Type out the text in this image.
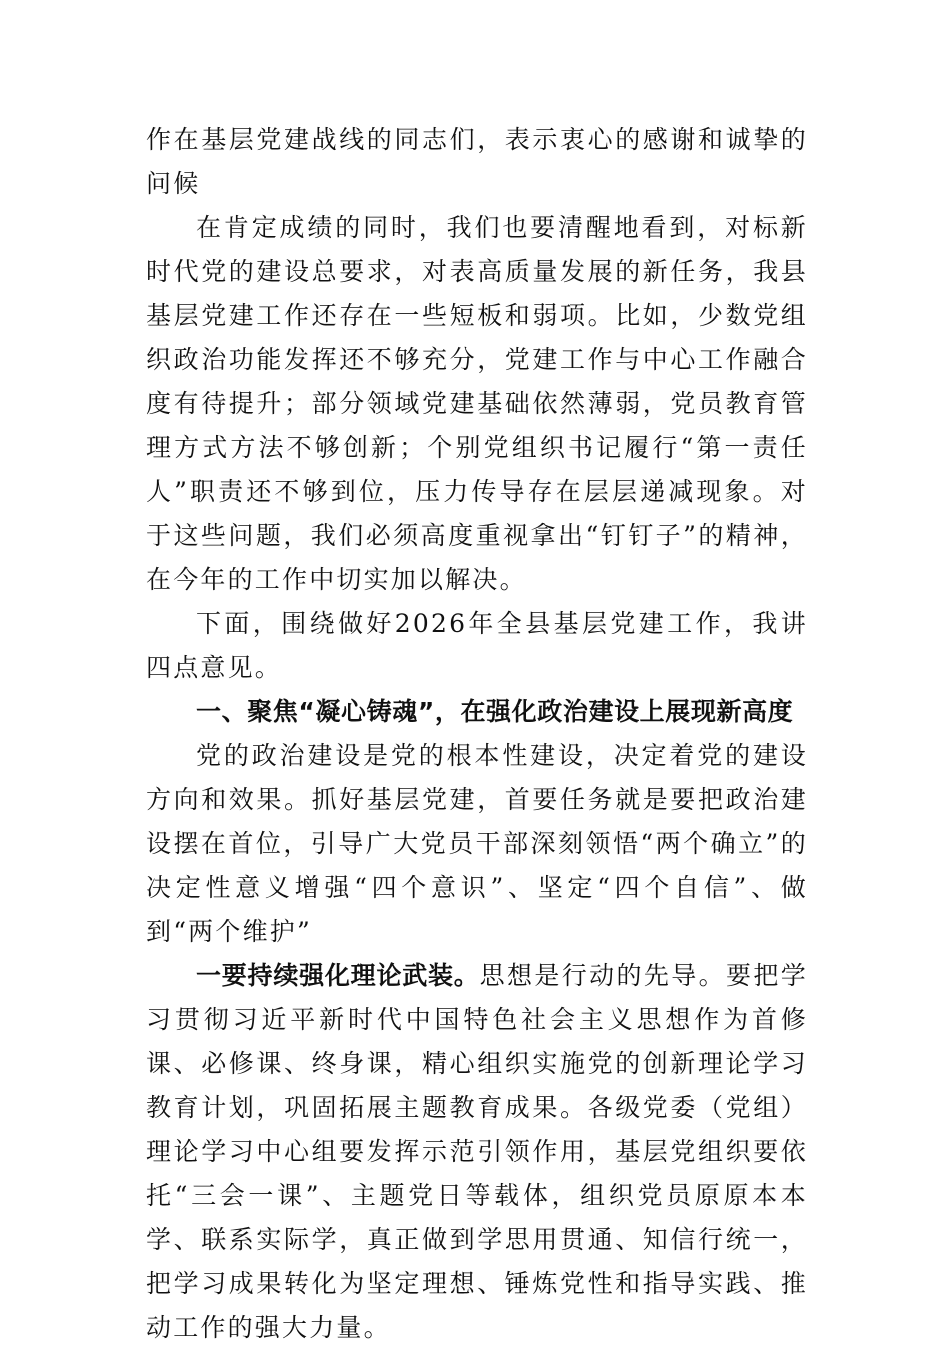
作在基层党建战线的同志们，表示衷心的感谢和诚挚的问候

在肯定成绩的同时，我们也要清醒地看到，对标新时代党的建设总要求，对表高质量发展的新任务，我县基层党建工作还存在一些短板和弱项。比如，少数党组织政治功能发挥还不够充分，党建工作与中心工作融合度有待提升；部分领域党建基础依然薄弱，党员教育管理方式方法不够创新；个别党组织书记履行“第一责任人”职责还不够到位，压力传导存在层层递减现象。对于这些问题，我们必须高度重视拿出“钉钉子”的精神，在今年的工作中切实加以解决。

下面，围绕做好2026年全县基层党建工作，我讲四点意见。

一、聚焦“凝心铸魂”，在强化政治建设上展现新高度

党的政治建设是党的根本性建设，决定着党的建设方向和效果。抓好基层党建，首要任务就是要把政治建设摆在首位，引导广大党员干部深刻领悟“两个确立”的决定性意义增强“四个意识”、坚定“四个自信”、做到“两个维护”

一要持续强化理论武装。思想是行动的先导。要把学习贯彻习近平新时代中国特色社会主义思想作为首修课、必修课、终身课，精心组织实施党的创新理论学习教育计划，巩固拓展主题教育成果。各级党委（党组）理论学习中心组要发挥示范引领作用，基层党组织要依托“三会一课”、主题党日等载体，组织党员原原本本学、联系实际学，真正做到学思用贯通、知信行统一，把学习成果转化为坚定理想、锤炼党性和指导实践、推动工作的强大力量。
